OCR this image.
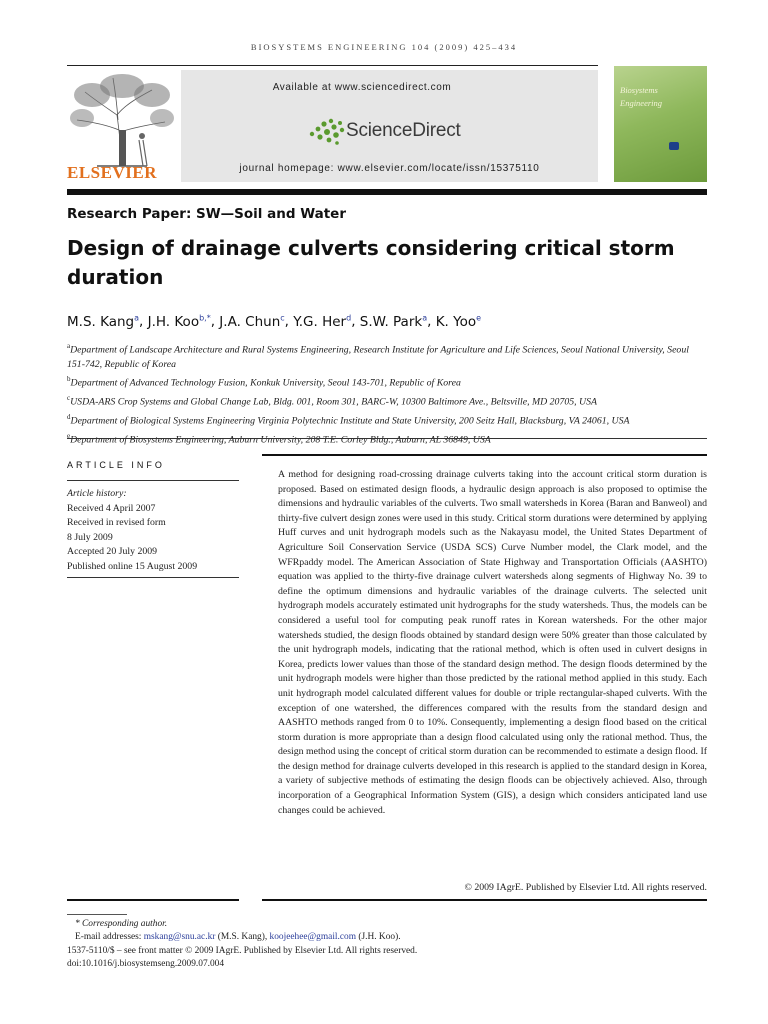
BIOSYSTEMS ENGINEERING 104 (2009) 425–434
ELSEVIER
Available at www.sciencedirect.com
ScienceDirect
journal homepage: www.elsevier.com/locate/issn/15375110
Biosystems
Engineering
Research Paper: SW—Soil and Water
Design of drainage culverts considering critical storm duration
M.S. Kang$^a$, J.H. Koo$^{b,*}$, J.A. Chun$^c$, Y.G. Her$^d$, S.W. Park$^a$, K. Yoo$^e$

$^a$Department of Landscape Architecture and Rural Systems Engineering, Research Institute for Agriculture and Life Sciences, Seoul National University, Seoul 151-742, Republic of Korea

$^b$Department of Advanced Technology Fusion, Konkuk University, Seoul 143-701, Republic of Korea

$^c$USDA-ARS Crop Systems and Global Change Lab, Bldg. 001, Room 301, BARC-W, 10300 Baltimore Ave., Beltsville, MD 20705, USA

$^d$Department of Biological Systems Engineering Virginia Polytechnic Institute and State University, 200 Seitz Hall, Blacksburg, VA 24061, USA

$^e$Department of Biosystems Engineering, Auburn University, 208 T.E. Corley Bldg., Auburn, AL 36849, USA

ARTICLE INFO
Article history:
Received 4 April 2007
Received in revised form
8 July 2009
Accepted 20 July 2009
Published online 15 August 2009
A method for designing road-crossing drainage culverts taking into the account critical storm duration is proposed. Based on estimated design floods, a hydraulic design approach is also proposed to optimise the dimensions and hydraulic variables of the culverts. Two small watersheds in Korea (Baran and Banweol) and thirty-five culvert design zones were used in this study. Critical storm durations were determined by applying Huff curves and unit hydrograph models such as the Nakayasu model, the United States Department of Agriculture Soil Conservation Service (USDA SCS) Curve Number model, the Clark model, and the WFRpaddy model. The American Association of State Highway and Transportation Officials (AASHTO) equation was applied to the thirty-five drainage culvert watersheds along segments of Highway No. 39 to define the optimum dimensions and hydraulic variables of the drainage culverts. The selected unit hydrograph models accurately estimated unit hydrographs for the study watersheds. Thus, the models can be considered a useful tool for computing peak runoff rates in Korean watersheds. For the other major watersheds studied, the design floods obtained by standard design were 50% greater than those calculated by the unit hydrograph models, indicating that the rational method, which is often used in culvert designs in Korea, predicts lower values than those of the standard design method. The design floods determined by the unit hydrograph models were higher than those predicted by the rational method applied in this study. Each unit hydrograph model calculated different values for double or triple rectangular-shaped culverts. With the exception of one watershed, the differences compared with the results from the standard design and AASHTO methods ranged from 0 to 10%. Consequently, implementing a design flood based on the critical storm duration is more appropriate than a design flood calculated using only the rational method. Thus, the design method using the concept of critical storm duration can be recommended to estimate a design flood. If the design method for drainage culverts developed in this research is applied to the standard design in Korea, a variety of subjective methods of estimating the design floods can be objectively achieved. Also, through incorporation of a Geographical Information System (GIS), a design which considers anticipated land use changes could be achieved.
© 2009 IAgrE. Published by Elsevier Ltd. All rights reserved.
* Corresponding author.
E-mail addresses: mskang@snu.ac.kr (M.S. Kang), koojeehee@gmail.com (J.H. Koo).
1537-5110/$ – see front matter © 2009 IAgrE. Published by Elsevier Ltd. All rights reserved.
doi:10.1016/j.biosystemseng.2009.07.004
